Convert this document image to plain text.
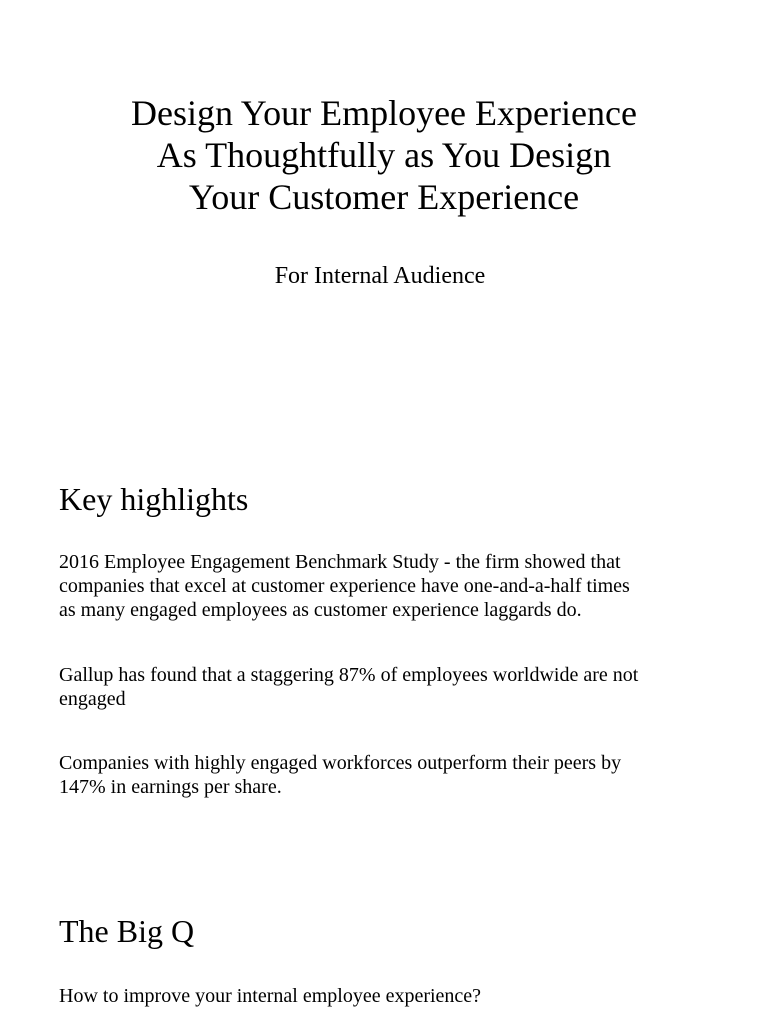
Design Your Employee Experience
As Thoughtfully as You Design
Your Customer Experience
For Internal Audience
Key highlights
2016 Employee Engagement Benchmark Study - the firm showed that
companies that excel at customer experience have one-and-a-half times
as many engaged employees as customer experience laggards do.
Gallup has found that a staggering 87% of employees worldwide are not
engaged
Companies with highly engaged workforces outperform their peers by
147% in earnings per share.
The Big Q
How to improve your internal employee experience?
